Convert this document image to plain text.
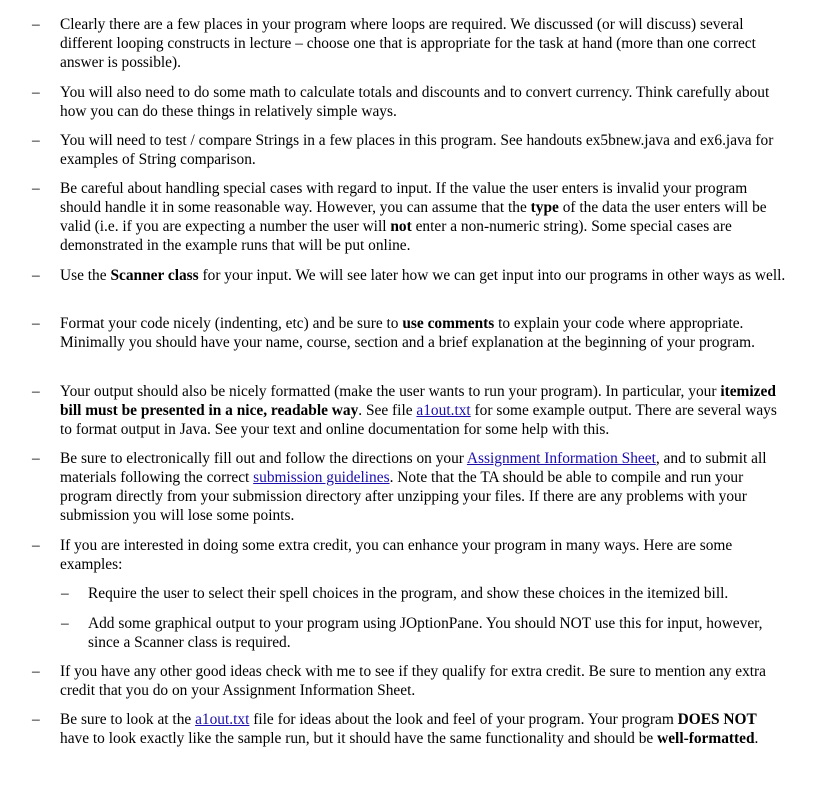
– Clearly there are a few places in your program where loops are required. We discussed (or will discuss) several different looping constructs in lecture – choose one that is appropriate for the task at hand (more than one correct answer is possible).
– You will also need to do some math to calculate totals and discounts and to convert currency. Think carefully about how you can do these things in relatively simple ways.
– You will need to test / compare Strings in a few places in this program. See handouts ex5bnew.java and ex6.java for examples of String comparison.
– Be careful about handling special cases with regard to input. If the value the user enters is invalid your program should handle it in some reasonable way. However, you can assume that the type of the data the user enters will be valid (i.e. if you are expecting a number the user will not enter a non-numeric string). Some special cases are demonstrated in the example runs that will be put online.
– Use the Scanner class for your input. We will see later how we can get input into our programs in other ways as well.
– Format your code nicely (indenting, etc) and be sure to use comments to explain your code where appropriate. Minimally you should have your name, course, section and a brief explanation at the beginning of your program.
– Your output should also be nicely formatted (make the user wants to run your program). In particular, your itemized bill must be presented in a nice, readable way. See file a1out.txt for some example output. There are several ways to format output in Java. See your text and online documentation for some help with this.
– Be sure to electronically fill out and follow the directions on your Assignment Information Sheet, and to submit all materials following the correct submission guidelines. Note that the TA should be able to compile and run your program directly from your submission directory after unzipping your files. If there are any problems with your submission you will lose some points.
– If you are interested in doing some extra credit, you can enhance your program in many ways. Here are some examples:
– Require the user to select their spell choices in the program, and show these choices in the itemized bill.
– Add some graphical output to your program using JOptionPane. You should NOT use this for input, however, since a Scanner class is required.
– If you have any other good ideas check with me to see if they qualify for extra credit. Be sure to mention any extra credit that you do on your Assignment Information Sheet.
– Be sure to look at the a1out.txt file for ideas about the look and feel of your program. Your program DOES NOT have to look exactly like the sample run, but it should have the same functionality and should be well-formatted.
